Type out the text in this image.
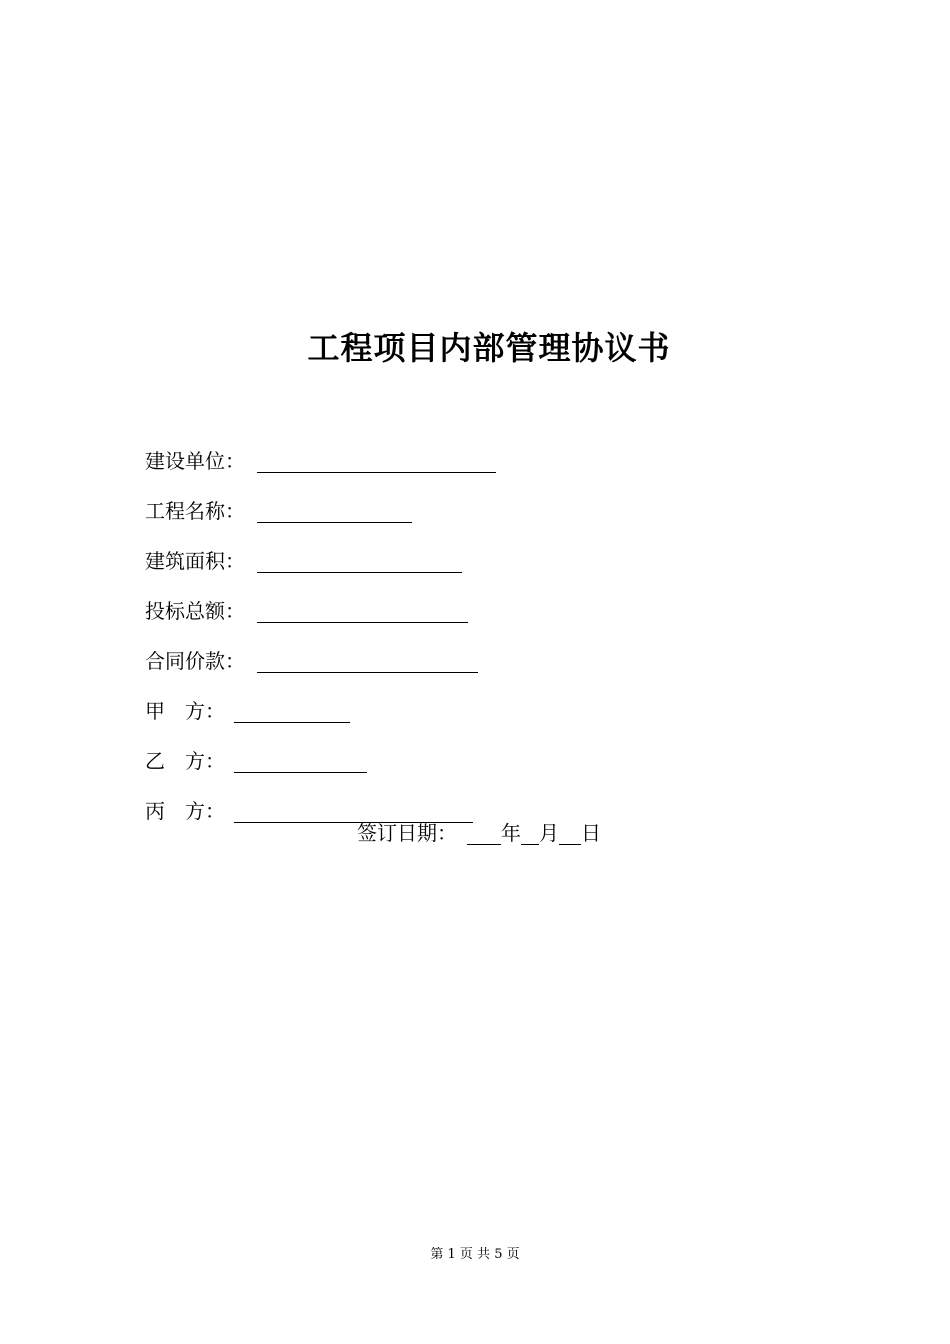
工程项目内部管理协议书
建设单位：
工程名称：
建筑面积：
投标总额：
合同价款：
甲　方：
乙　方：
丙　方：
签订日期： 年 月 日
第 1 页 共 5 页
